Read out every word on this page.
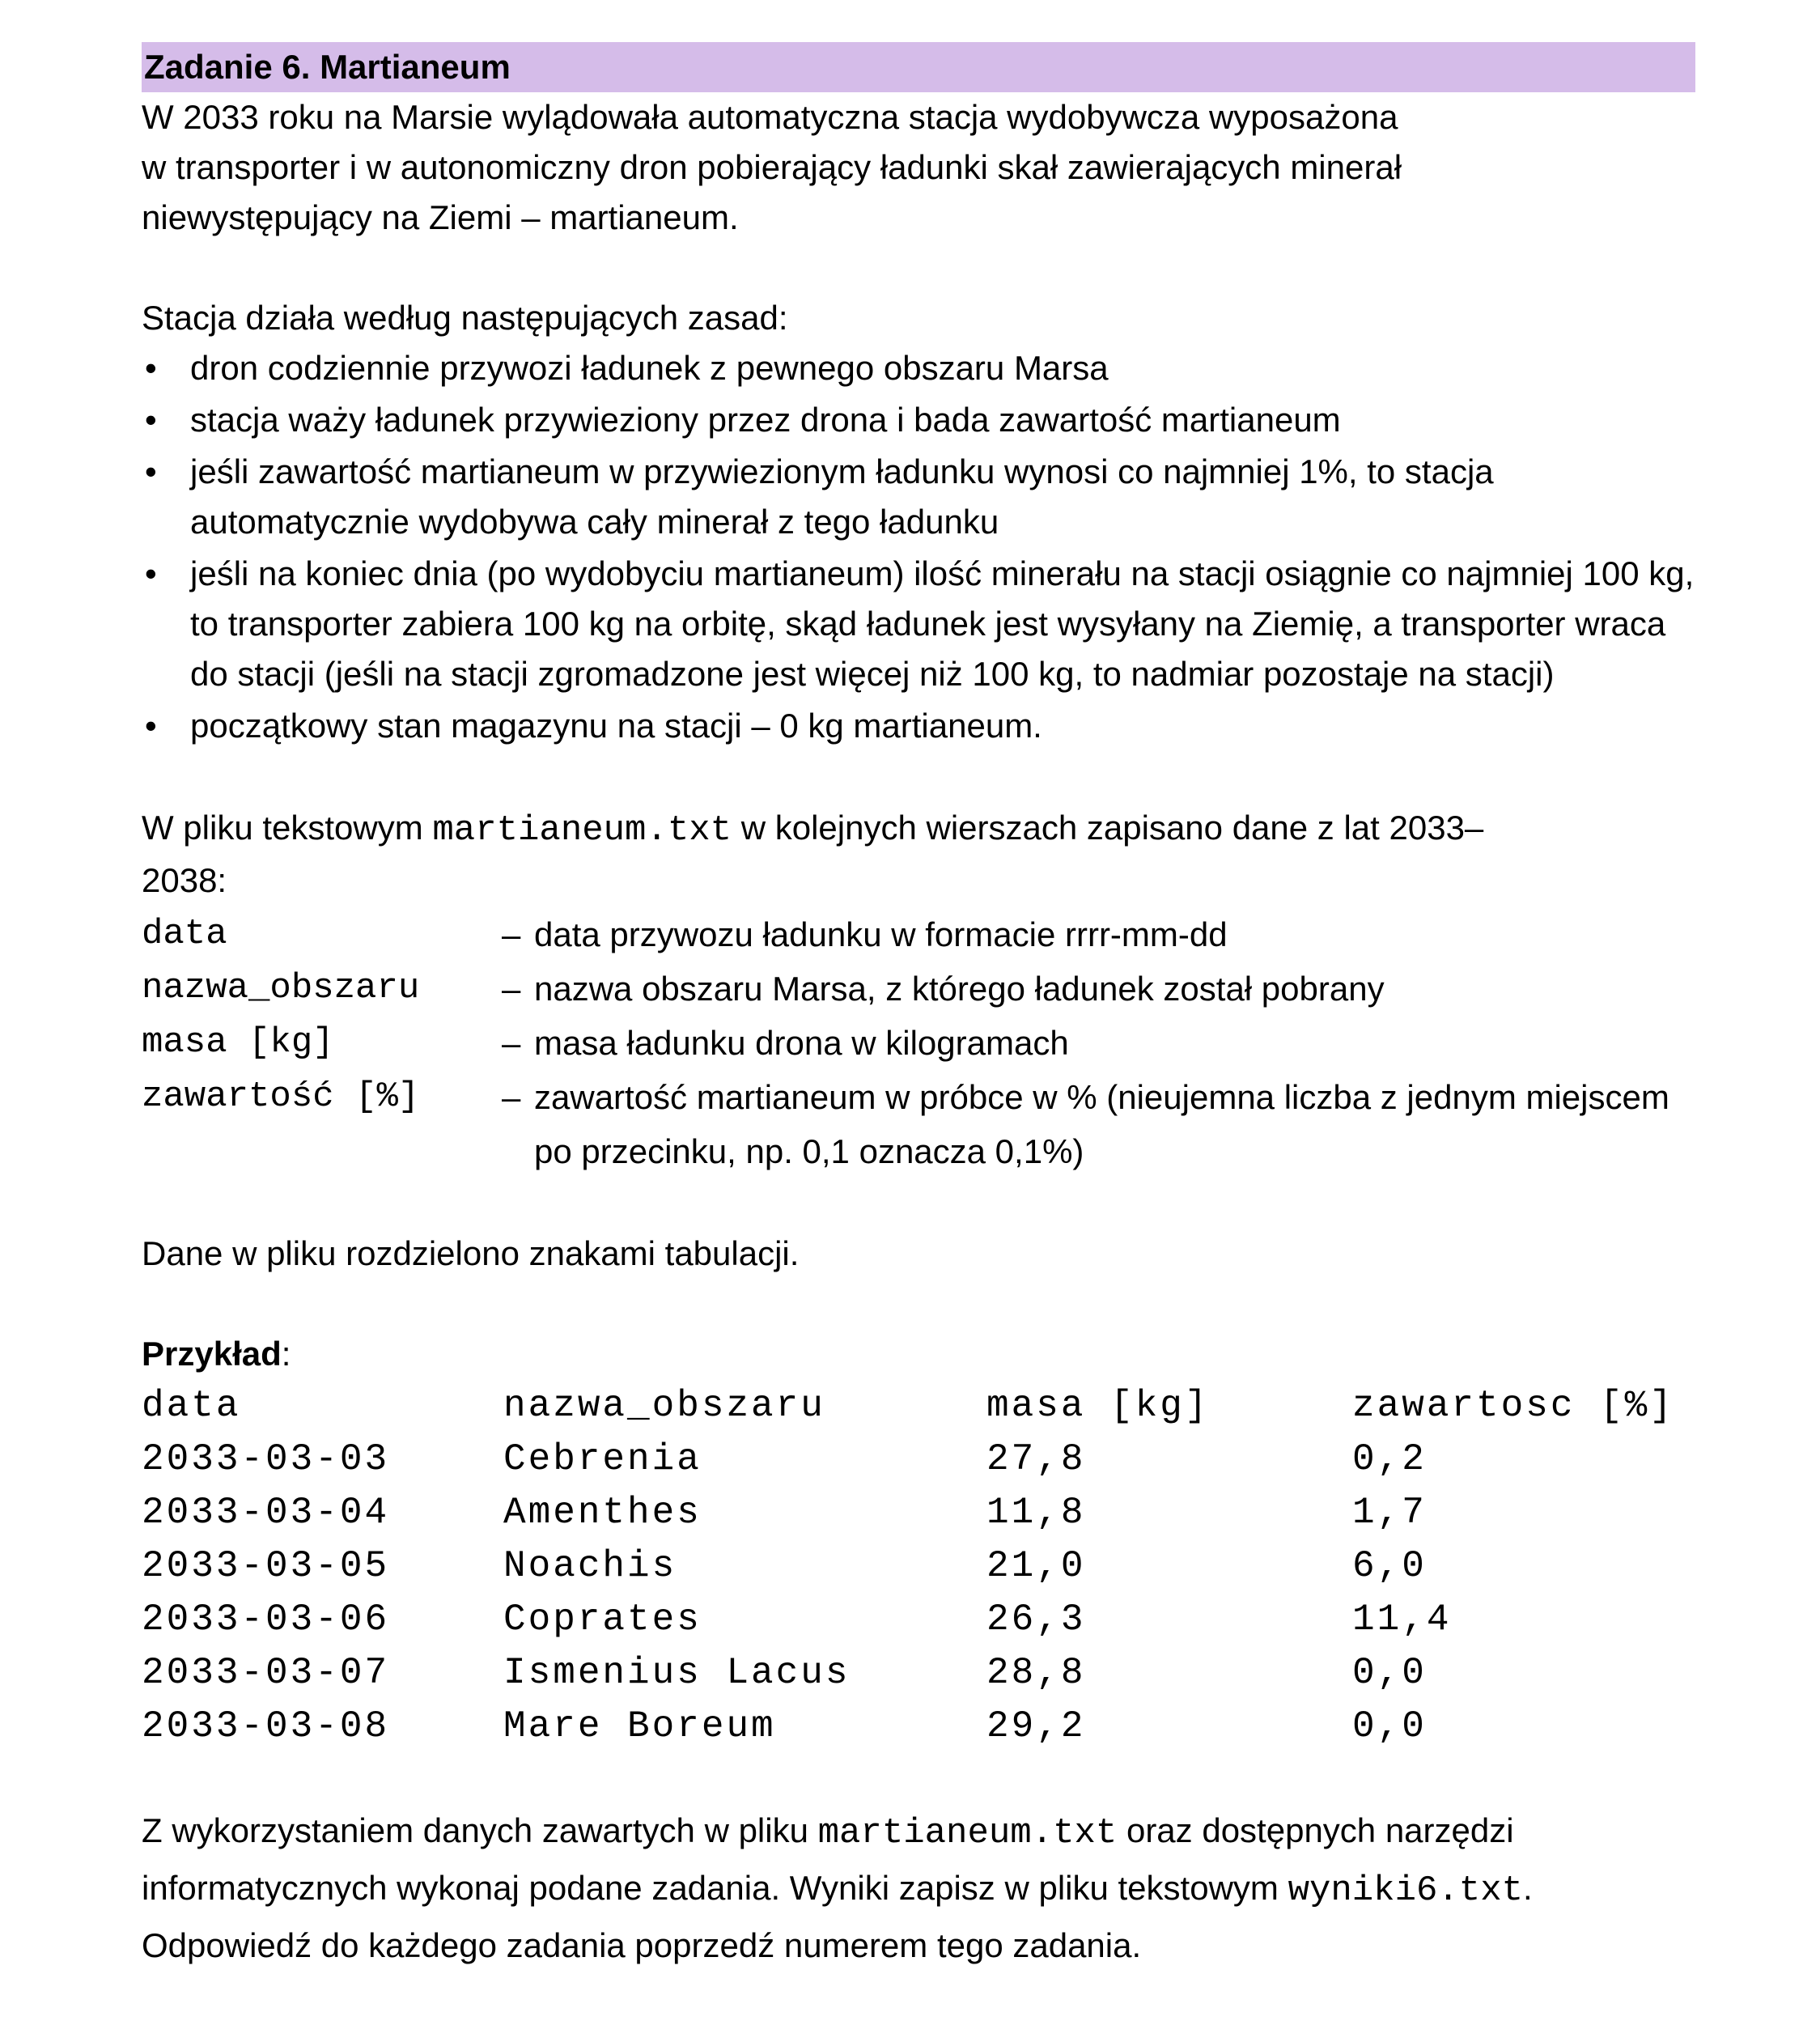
Zadanie 6. Martianeum

W 2033 roku na Marsie wylądowała automatyczna stacja wydobywcza wyposażona

w transporter i w autonomiczny dron pobierający ładunki skał zawierających minerał

niewystępujący na Ziemi – martianeum.

Stacja działa według następujących zasad:

• dron codziennie przywozi ładunek z pewnego obszaru Marsa
• stacja waży ładunek przywieziony przez drona i bada zawartość martianeum
• jeśli zawartość martianeum w przywiezionym ładunku wynosi co najmniej 1%, to stacja automatycznie wydobywa cały minerał z tego ładunku
• jeśli na koniec dnia (po wydobyciu martianeum) ilość minerału na stacji osiągnie co najmniej 100 kg, to transporter zabiera 100 kg na orbitę, skąd ładunek jest wysyłany na Ziemię, a transporter wraca do stacji (jeśli na stacji zgromadzone jest więcej niż 100 kg, to nadmiar pozostaje na stacji)
• początkowy stan magazynu na stacji – 0 kg martianeum.

W pliku tekstowym martianeum.txt w kolejnych wierszach zapisano dane z lat 2033–

2038:

data	– data przywozu ładunku w formacie rrrr-mm-dd
nazwa_obszaru	– nazwa obszaru Marsa, z którego ładunek został pobrany
masa [kg]	– masa ładunku drona w kilogramach
zawartość [%]	– zawartość martianeum w próbce w % (nieujemna liczba z jednym miejscem po przecinku, np. 0,1 oznacza 0,1%)

Dane w pliku rozdzielono znakami tabulacji.

Przykład:

data	nazwa_obszaru	masa [kg]	zawartosc [%]
2033-03-03	Cebrenia	27,8	0,2
2033-03-04	Amenthes	11,8	1,7
2033-03-05	Noachis	21,0	6,0
2033-03-06	Coprates	26,3	11,4
2033-03-07	Ismenius Lacus	28,8	0,0
2033-03-08	Mare Boreum	29,2	0,0

Z wykorzystaniem danych zawartych w pliku martianeum.txt oraz dostępnych narzędzi

informatycznych wykonaj podane zadania. Wyniki zapisz w pliku tekstowym wyniki6.txt.

Odpowiedź do każdego zadania poprzedź numerem tego zadania.
